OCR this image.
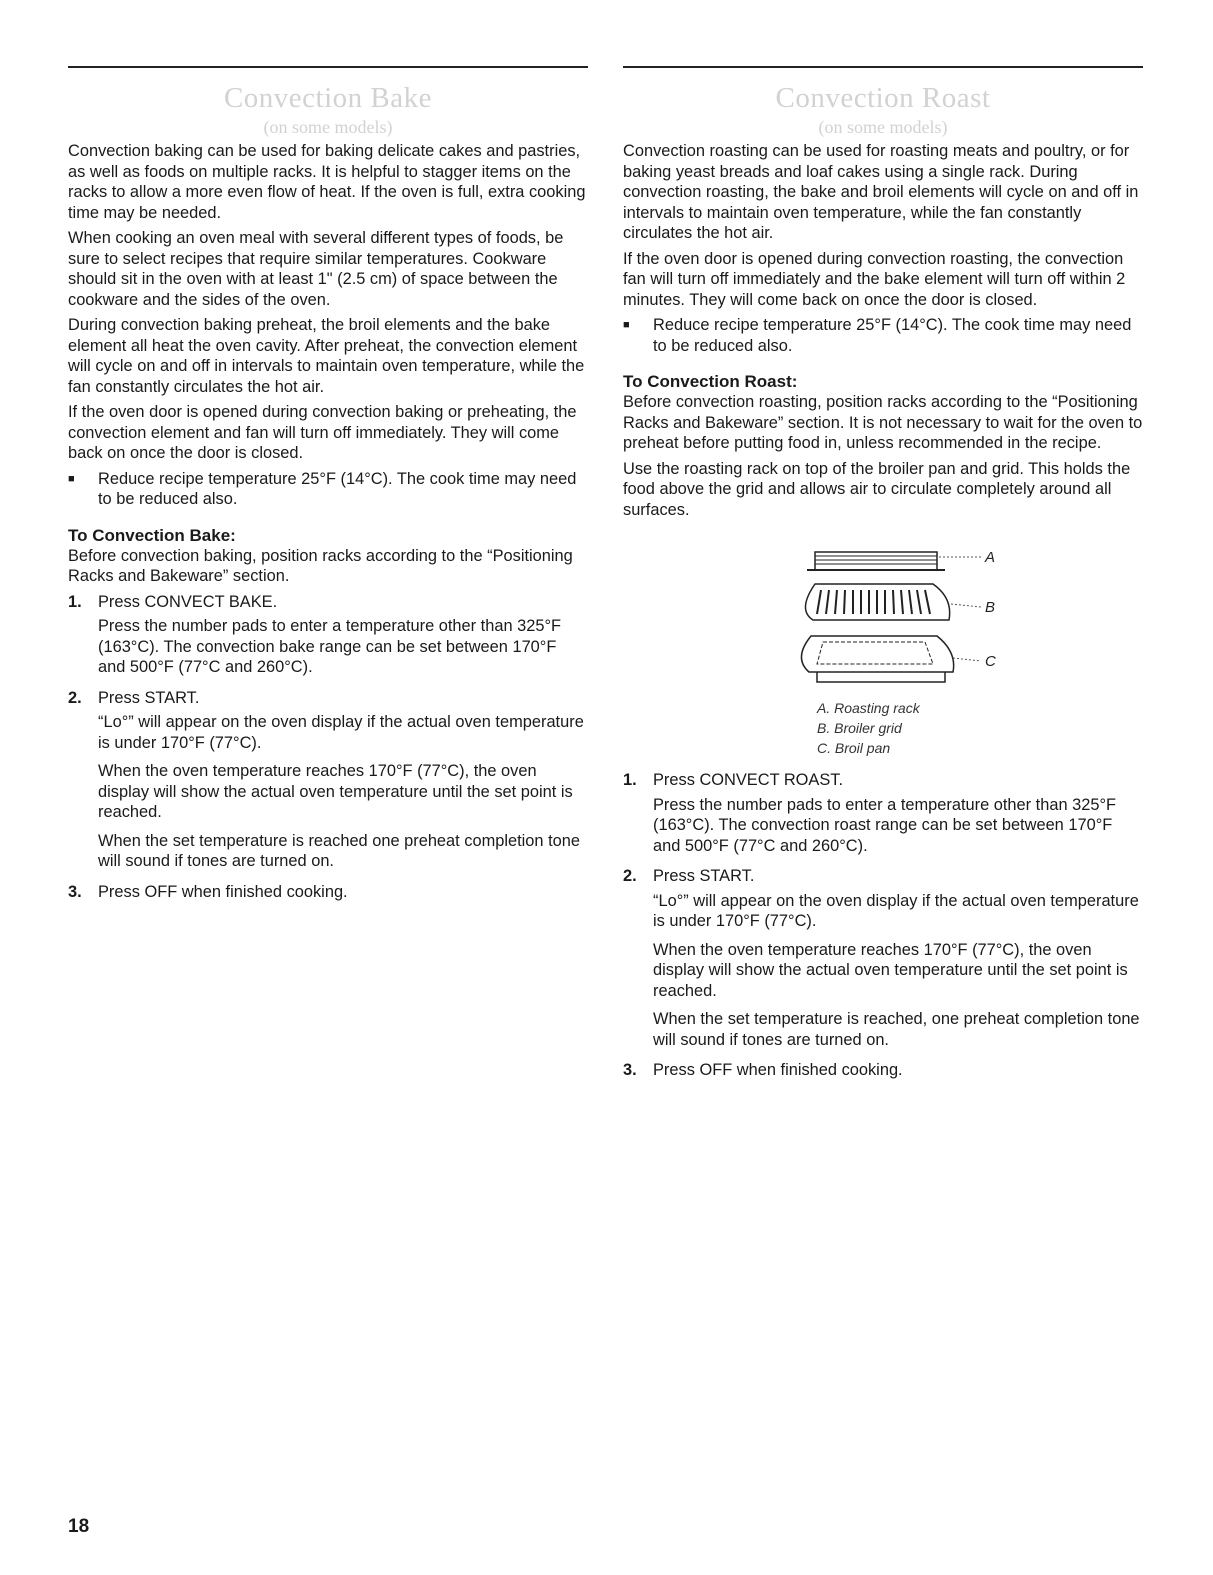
Convection Bake
(on some models)

Convection baking can be used for baking delicate cakes and pastries, as well as foods on multiple racks. It is helpful to stagger items on the racks to allow a more even flow of heat. If the oven is full, extra cooking time may be needed.

When cooking an oven meal with several different types of foods, be sure to select recipes that require similar temperatures. Cookware should sit in the oven with at least 1" (2.5 cm) of space between the cookware and the sides of the oven.

During convection baking preheat, the broil elements and the bake element all heat the oven cavity. After preheat, the convection element will cycle on and off in intervals to maintain oven temperature, while the fan constantly circulates the hot air.

If the oven door is opened during convection baking or preheating, the convection element and fan will turn off immediately. They will come back on once the door is closed.

■	Reduce recipe temperature 25°F (14°C). The cook time may need to be reduced also.
To Convection Bake:

Before convection baking, position racks according to the “Positioning Racks and Bakeware” section.

1. Press CONVECT BAKE.

Press the number pads to enter a temperature other than 325°F (163°C). The convection bake range can be set between 170°F and 500°F (77°C and 260°C).

2. Press START.

“Lo°” will appear on the oven display if the actual oven temperature is under 170°F (77°C).

When the oven temperature reaches 170°F (77°C), the oven display will show the actual oven temperature until the set point is reached.

When the set temperature is reached one preheat completion tone will sound if tones are turned on.

3. Press OFF when finished cooking.

Convection Roast
(on some models)

Convection roasting can be used for roasting meats and poultry, or for baking yeast breads and loaf cakes using a single rack. During convection roasting, the bake and broil elements will cycle on and off in intervals to maintain oven temperature, while the fan constantly circulates the hot air.

If the oven door is opened during convection roasting, the convection fan will turn off immediately and the bake element will turn off within 2 minutes. They will come back on once the door is closed.

■	Reduce recipe temperature 25°F (14°C). The cook time may need to be reduced also.
To Convection Roast:

Before convection roasting, position racks according to the “Positioning Racks and Bakeware” section. It is not necessary to wait for the oven to preheat before putting food in, unless recommended in the recipe.

Use the roasting rack on top of the broiler pan and grid. This holds the food above the grid and allows air to circulate completely around all surfaces.

A
B
C
A. Roasting rack
B. Broiler grid
C. Broil pan
1. Press CONVECT ROAST.

Press the number pads to enter a temperature other than 325°F (163°C). The convection roast range can be set between 170°F and 500°F (77°C and 260°C).

2. Press START.

“Lo°” will appear on the oven display if the actual oven temperature is under 170°F (77°C).

When the oven temperature reaches 170°F (77°C), the oven display will show the actual oven temperature until the set point is reached.

When the set temperature is reached, one preheat completion tone will sound if tones are turned on.

3. Press OFF when finished cooking.

18
